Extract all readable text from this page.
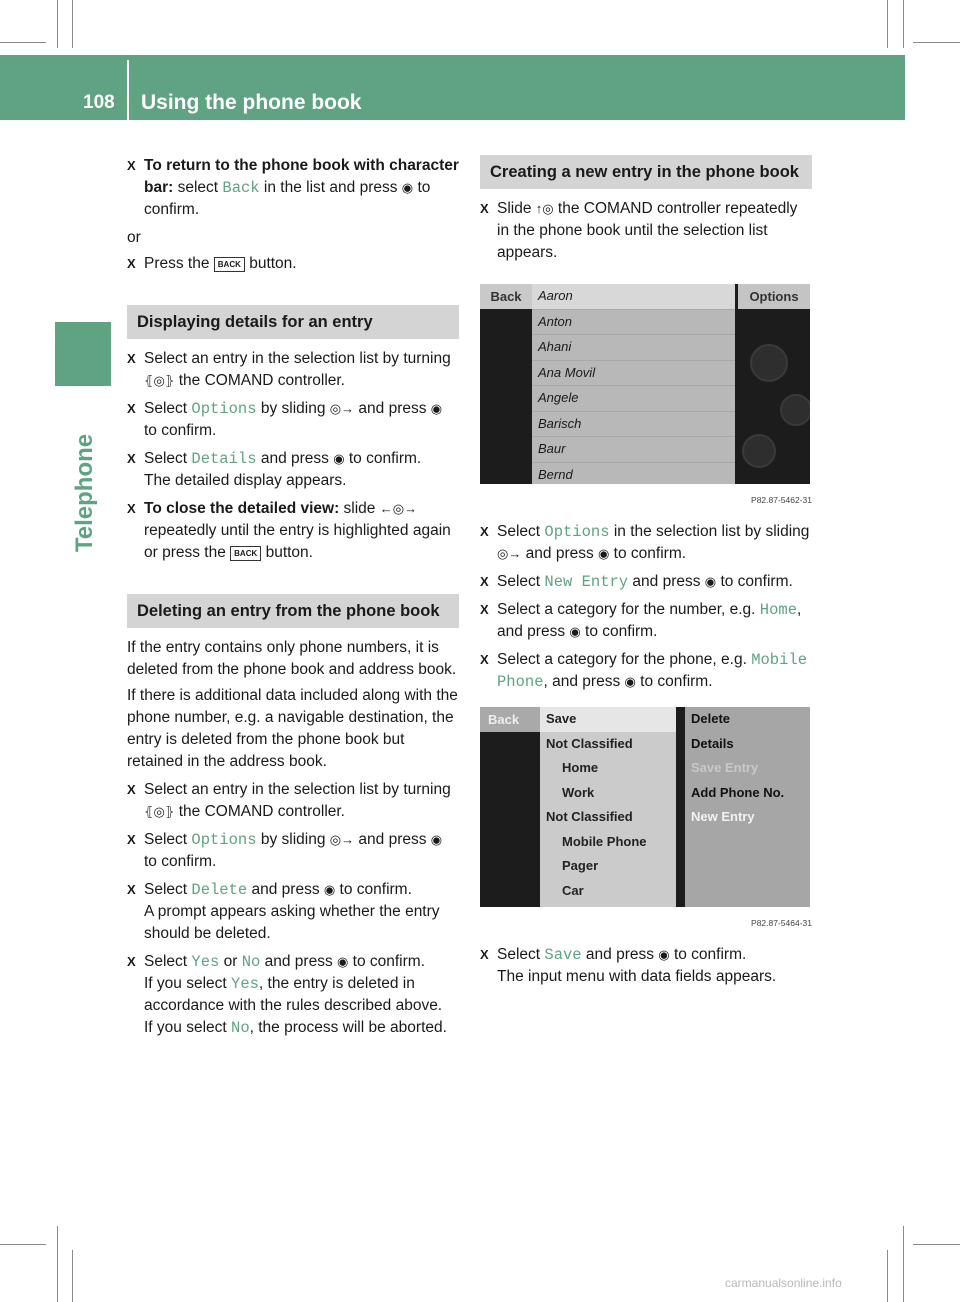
108 Using the phone book
Telephone
X To return to the phone book with character bar: select Back in the list and press ◉ to confirm.

or

X Press the BACK button.
Displaying details for an entry
X Select an entry in the selection list by turning ⦃◎⦄ the COMAND controller.
X Select Options by sliding ◎→ and press ◉ to confirm.
X Select Details and press ◉ to confirm.
The detailed display appears.
X To close the detailed view: slide ←◎→ repeatedly until the entry is highlighted again or press the BACK button.
Deleting an entry from the phone book

If the entry contains only phone numbers, it is deleted from the phone book and address book.

If there is additional data included along with the phone number, e.g. a navigable destination, the entry is deleted from the phone book but retained in the address book.

X Select an entry in the selection list by turning ⦃◎⦄ the COMAND controller.
X Select Options by sliding ◎→ and press ◉ to confirm.
X Select Delete and press ◉ to confirm.
A prompt appears asking whether the entry should be deleted.
X Select Yes or No and press ◉ to confirm.
If you select Yes, the entry is deleted in accordance with the rules described above.
If you select No, the process will be aborted.
Creating a new entry in the phone book
X Slide ↑◎ the COMAND controller repeatedly in the phone book until the selection list appears.
Back	Aaron
Anton
Ahani
Ana Movil
Angele
Barisch
Baur
Bernd
Options
P82.87-5462-31
X Select Options in the selection list by sliding ◎→ and press ◉ to confirm.
X Select New Entry and press ◉ to confirm.
X Select a category for the number, e.g. Home, and press ◉ to confirm.
X Select a category for the phone, e.g. Mobile Phone, and press ◉ to confirm.
Back	Save
Not Classified
Home
Work
Not Classified
Mobile Phone
Pager
Car
Delete
Details
Save Entry
Add Phone No.
New Entry
P82.87-5464-31
X Select Save and press ◉ to confirm.
The input menu with data fields appears.
carmanualsonline.info
